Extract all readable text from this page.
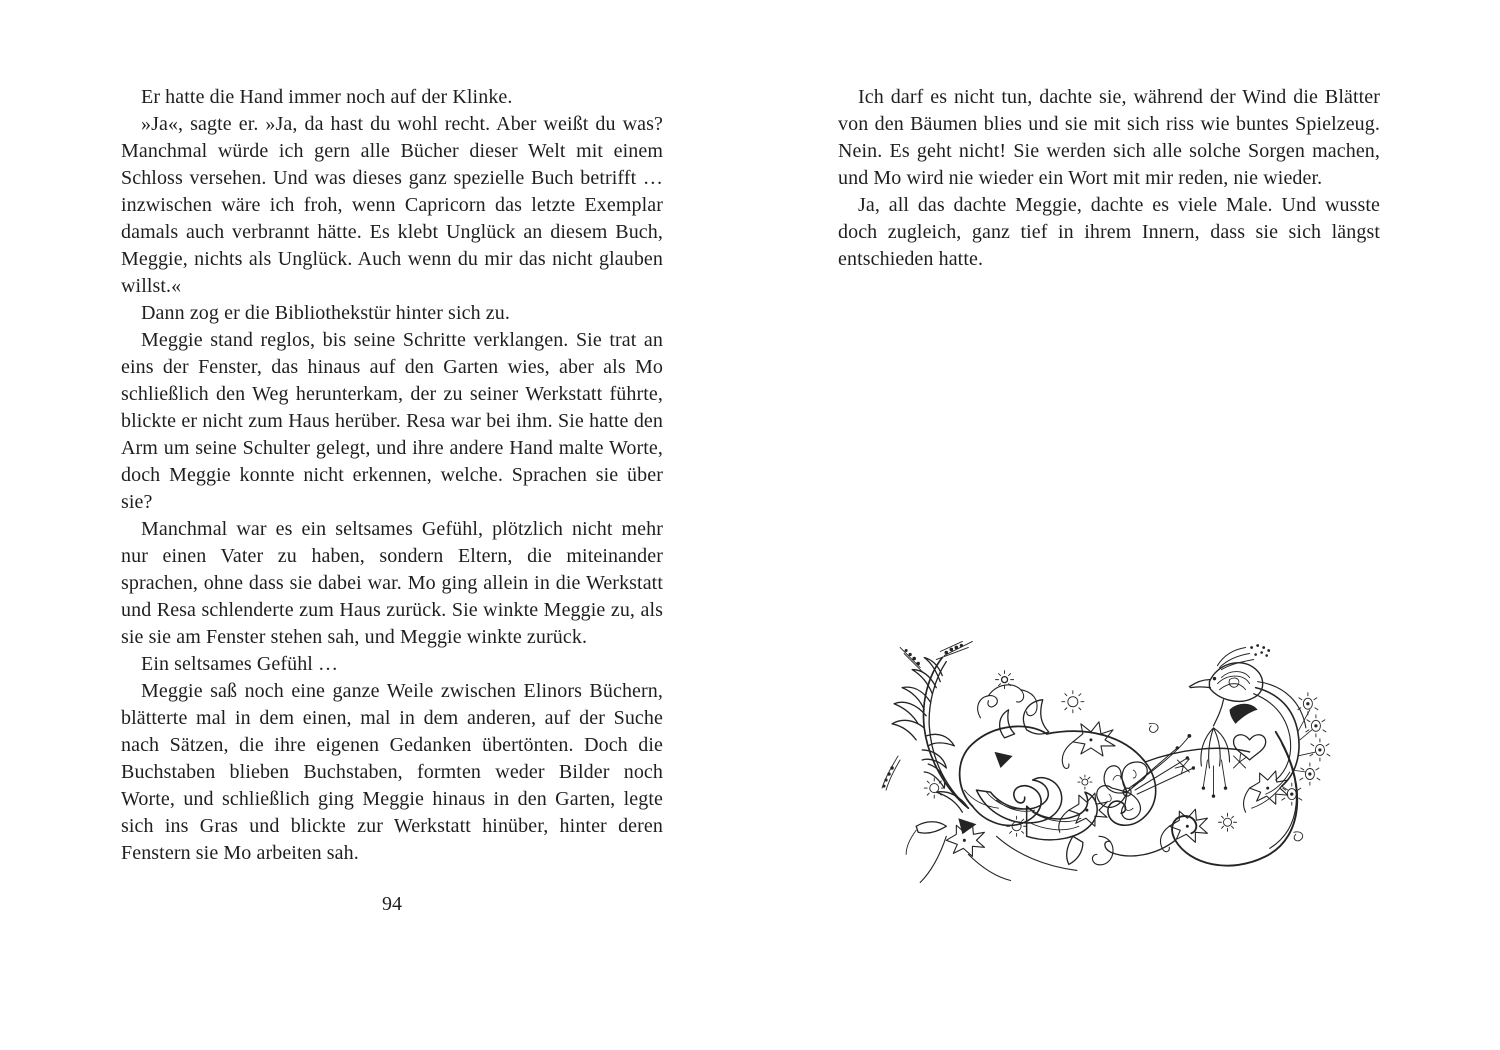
Er hatte die Hand immer noch auf der Klinke.

»Ja«, sagte er. »Ja, da hast du wohl recht. Aber weißt du was? Manchmal würde ich gern alle Bücher dieser Welt mit einem Schloss versehen. Und was dieses ganz spezielle Buch betrifft … inzwischen wäre ich froh, wenn Capricorn das letzte Exemplar damals auch verbrannt hätte. Es klebt Unglück an diesem Buch, Meggie, nichts als Unglück. Auch wenn du mir das nicht glauben willst.«

Dann zog er die Bibliothekstür hinter sich zu.

Meggie stand reglos, bis seine Schritte verklangen. Sie trat an eins der Fenster, das hinaus auf den Garten wies, aber als Mo schließlich den Weg herunterkam, der zu seiner Werkstatt führte, blickte er nicht zum Haus herüber. Resa war bei ihm. Sie hatte den Arm um seine Schulter gelegt, und ihre andere Hand malte Worte, doch Meggie konnte nicht erkennen, welche. Sprachen sie über sie?

Manchmal war es ein seltsames Gefühl, plötzlich nicht mehr nur einen Vater zu haben, sondern Eltern, die miteinander sprachen, ohne dass sie dabei war. Mo ging allein in die Werkstatt und Resa schlenderte zum Haus zurück. Sie winkte Meggie zu, als sie sie am Fenster stehen sah, und Meggie winkte zurück.

Ein seltsames Gefühl …

Meggie saß noch eine ganze Weile zwischen Elinors Büchern, blätterte mal in dem einen, mal in dem anderen, auf der Suche nach Sätzen, die ihre eigenen Gedanken übertönten. Doch die Buchstaben blieben Buchstaben, formten weder Bilder noch Worte, und schließlich ging Meggie hinaus in den Garten, legte sich ins Gras und blickte zur Werkstatt hinüber, hinter deren Fenstern sie Mo arbeiten sah.

94

Ich darf es nicht tun, dachte sie, während der Wind die Blätter von den Bäumen blies und sie mit sich riss wie buntes Spielzeug. Nein. Es geht nicht! Sie werden sich alle solche Sorgen machen, und Mo wird nie wieder ein Wort mit mir reden, nie wieder.

Ja, all das dachte Meggie, dachte es viele Male. Und wusste doch zugleich, ganz tief in ihrem Innern, dass sie sich längst entschieden hatte.
